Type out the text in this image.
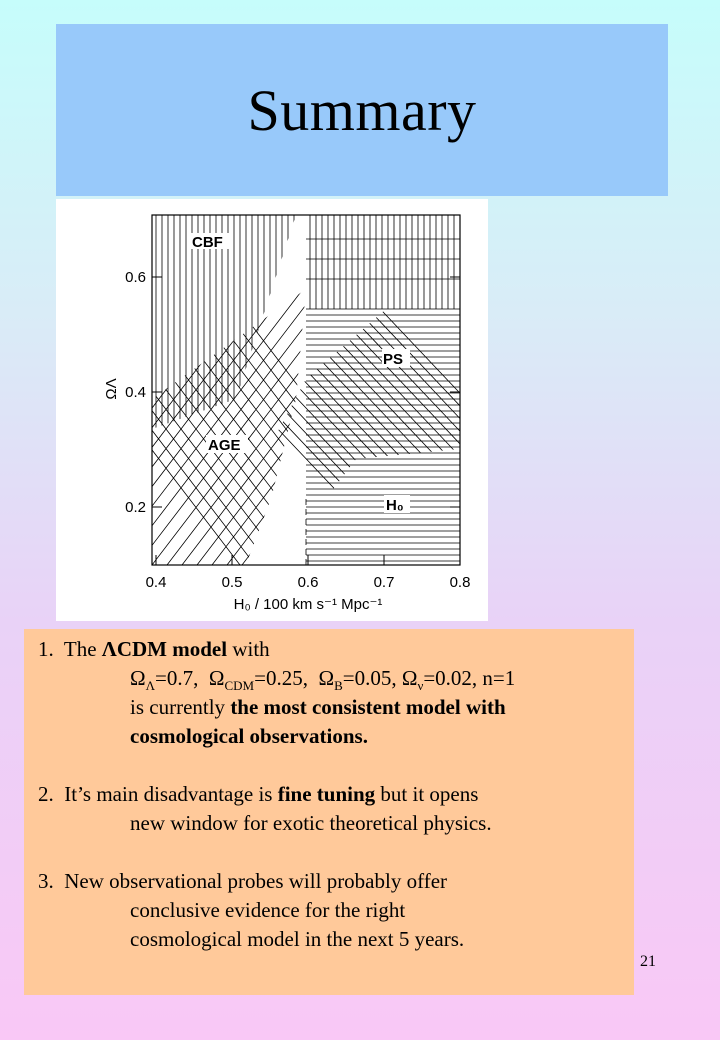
Summary
CBF
PS
AGE
H₀
0.6
0.4
0.2
0.4	0.5	0.6	0.7	0.8
H₀ / 100 km s⁻¹ Mpc⁻¹
ΩΛ
1. The ΛCDM model with
$\Omega_\Lambda=0.7$, $\Omega_{CDM}=0.25$, $\Omega_B=0.05$, $\Omega_\nu=0.02$, n=1
is currently the most consistent model with
cosmological observations.
2. It’s main disadvantage is fine tuning but it opens
new window for exotic theoretical physics.
3. New observational probes will probably offer
conclusive evidence for the right
cosmological model in the next 5 years.
21
